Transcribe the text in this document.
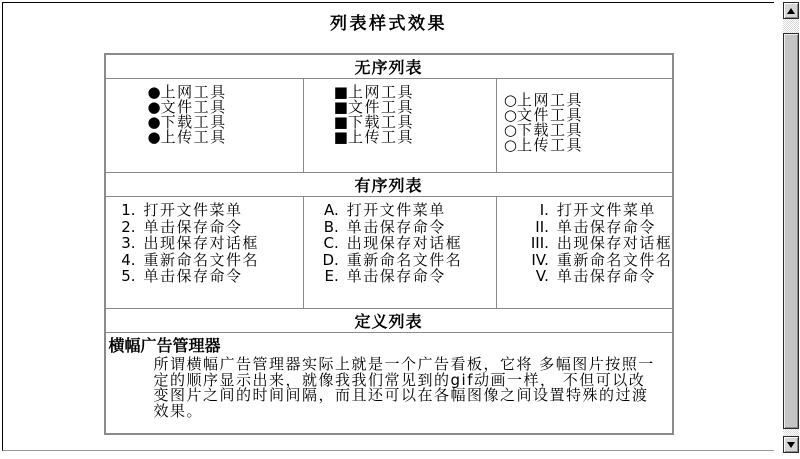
列表样式效果
无序列表		

●上网工具
●文件工具
●下载工具
●上传工具

■上网工具
■文件工具
■下载工具
■上传工具

○上网工具
○文件工具
○下载工具
○上传工具

有序列表		

1. 打开文件菜单
2. 单击保存命令
3. 出现保存对话框
4. 重新命名文件名
5. 单击保存命令

A. 打开文件菜单
B. 单击保存命令
C. 出现保存对话框
D. 重新命名文件名
E. 单击保存命令

I. 打开文件菜单
II. 单击保存命令
III. 出现保存对话框
IV. 重新命名文件名
V. 单击保存命令

定义列表		

横幅广告管理器
所谓横幅广告管理器实际上就是一个广告看板，它将 多幅图片按照一定的顺序显示出来，就像我我们常见到的gif动画一样， 不但可以改变图片之间的时间间隔，而且还可以在各幅图像之间设置特殊的过渡效果。		
